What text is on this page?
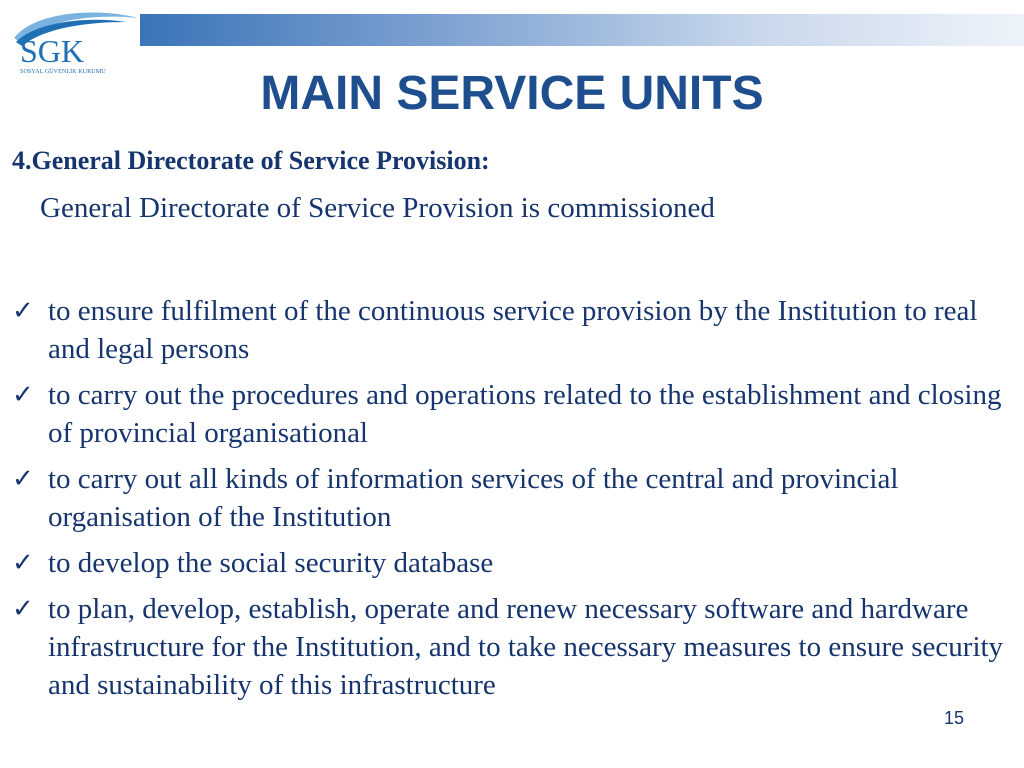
SGK
SOSYAL GÜVENLİK KURUMU	MAIN SERVICE UNITS
4.General Directorate of Service Provision:
General Directorate of Service Provision is commissioned
✓ to ensure fulfilment of the continuous service provision by the Institution to real and legal persons
✓ to carry out the procedures and operations related to the establishment and closing of provincial organisational
✓ to carry out all kinds of information services of the central and provincial organisation of the Institution
✓ to develop the social security database
✓ to plan, develop, establish, operate and renew necessary software and hardware infrastructure for the Institution, and to take necessary measures to ensure security and sustainability of this infrastructure
15
